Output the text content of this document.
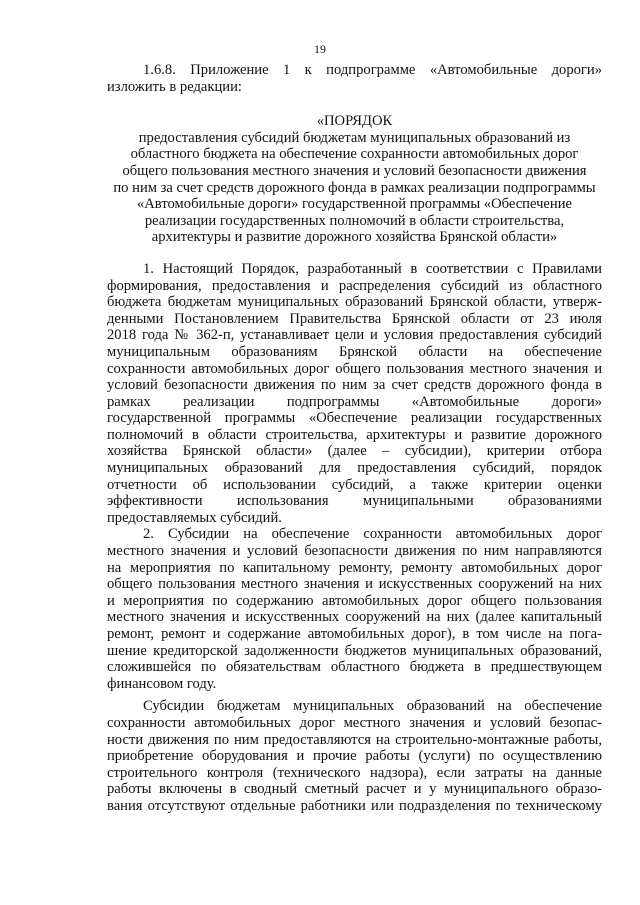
19
1.6.8. Приложение 1 к подпрограмме «Автомобильные дороги»
изложить в редакции:
«ПОРЯДОК
предоставления субсидий бюджетам муниципальных образований из
областного бюджета на обеспечение сохранности автомобильных дорог
общего пользования местного значения и условий безопасности движения
по ним за счет средств дорожного фонда в рамках реализации подпрограммы
«Автомобильные дороги» государственной программы «Обеспечение
реализации государственных полномочий в области строительства,
архитектуры и развитие дорожного хозяйства Брянской области»
1. Настоящий Порядок, разработанный в соответствии с Правилами
формирования, предоставления и распределения субсидий из областного
бюджета бюджетам муниципальных образований Брянской области, утверж-
денными Постановлением Правительства Брянской области от 23 июля
2018 года № 362-п, устанавливает цели и условия предоставления субсидий
муниципальным образованиям Брянской области на обеспечение
сохранности автомобильных дорог общего пользования местного значения и
условий безопасности движения по ним за счет средств дорожного фонда в
рамках реализации подпрограммы «Автомобильные дороги»
государственной программы «Обеспечение реализации государственных
полномочий в области строительства, архитектуры и развитие дорожного
хозяйства Брянской области» (далее – субсидии), критерии отбора
муниципальных образований для предоставления субсидий, порядок
отчетности об использовании субсидий, а также критерии оценки
эффективности использования муниципальными образованиями
предоставляемых субсидий.
2. Субсидии на обеспечение сохранности автомобильных дорог
местного значения и условий безопасности движения по ним направляются
на мероприятия по капитальному ремонту, ремонту автомобильных дорог
общего пользования местного значения и искусственных сооружений на них
и мероприятия по содержанию автомобильных дорог общего пользования
местного значения и искусственных сооружений на них (далее капитальный
ремонт, ремонт и содержание автомобильных дорог), в том числе на пога-
шение кредиторской задолженности бюджетов муниципальных образований,
сложившейся по обязательствам областного бюджета в предшествующем
финансовом году.
Субсидии бюджетам муниципальных образований на обеспечение
сохранности автомобильных дорог местного значения и условий безопас-
ности движения по ним предоставляются на строительно-монтажные работы,
приобретение оборудования и прочие работы (услуги) по осуществлению
строительного контроля (технического надзора), если затраты на данные
работы включены в сводный сметный расчет и у муниципального образо-
вания отсутствуют отдельные работники или подразделения по техническому
